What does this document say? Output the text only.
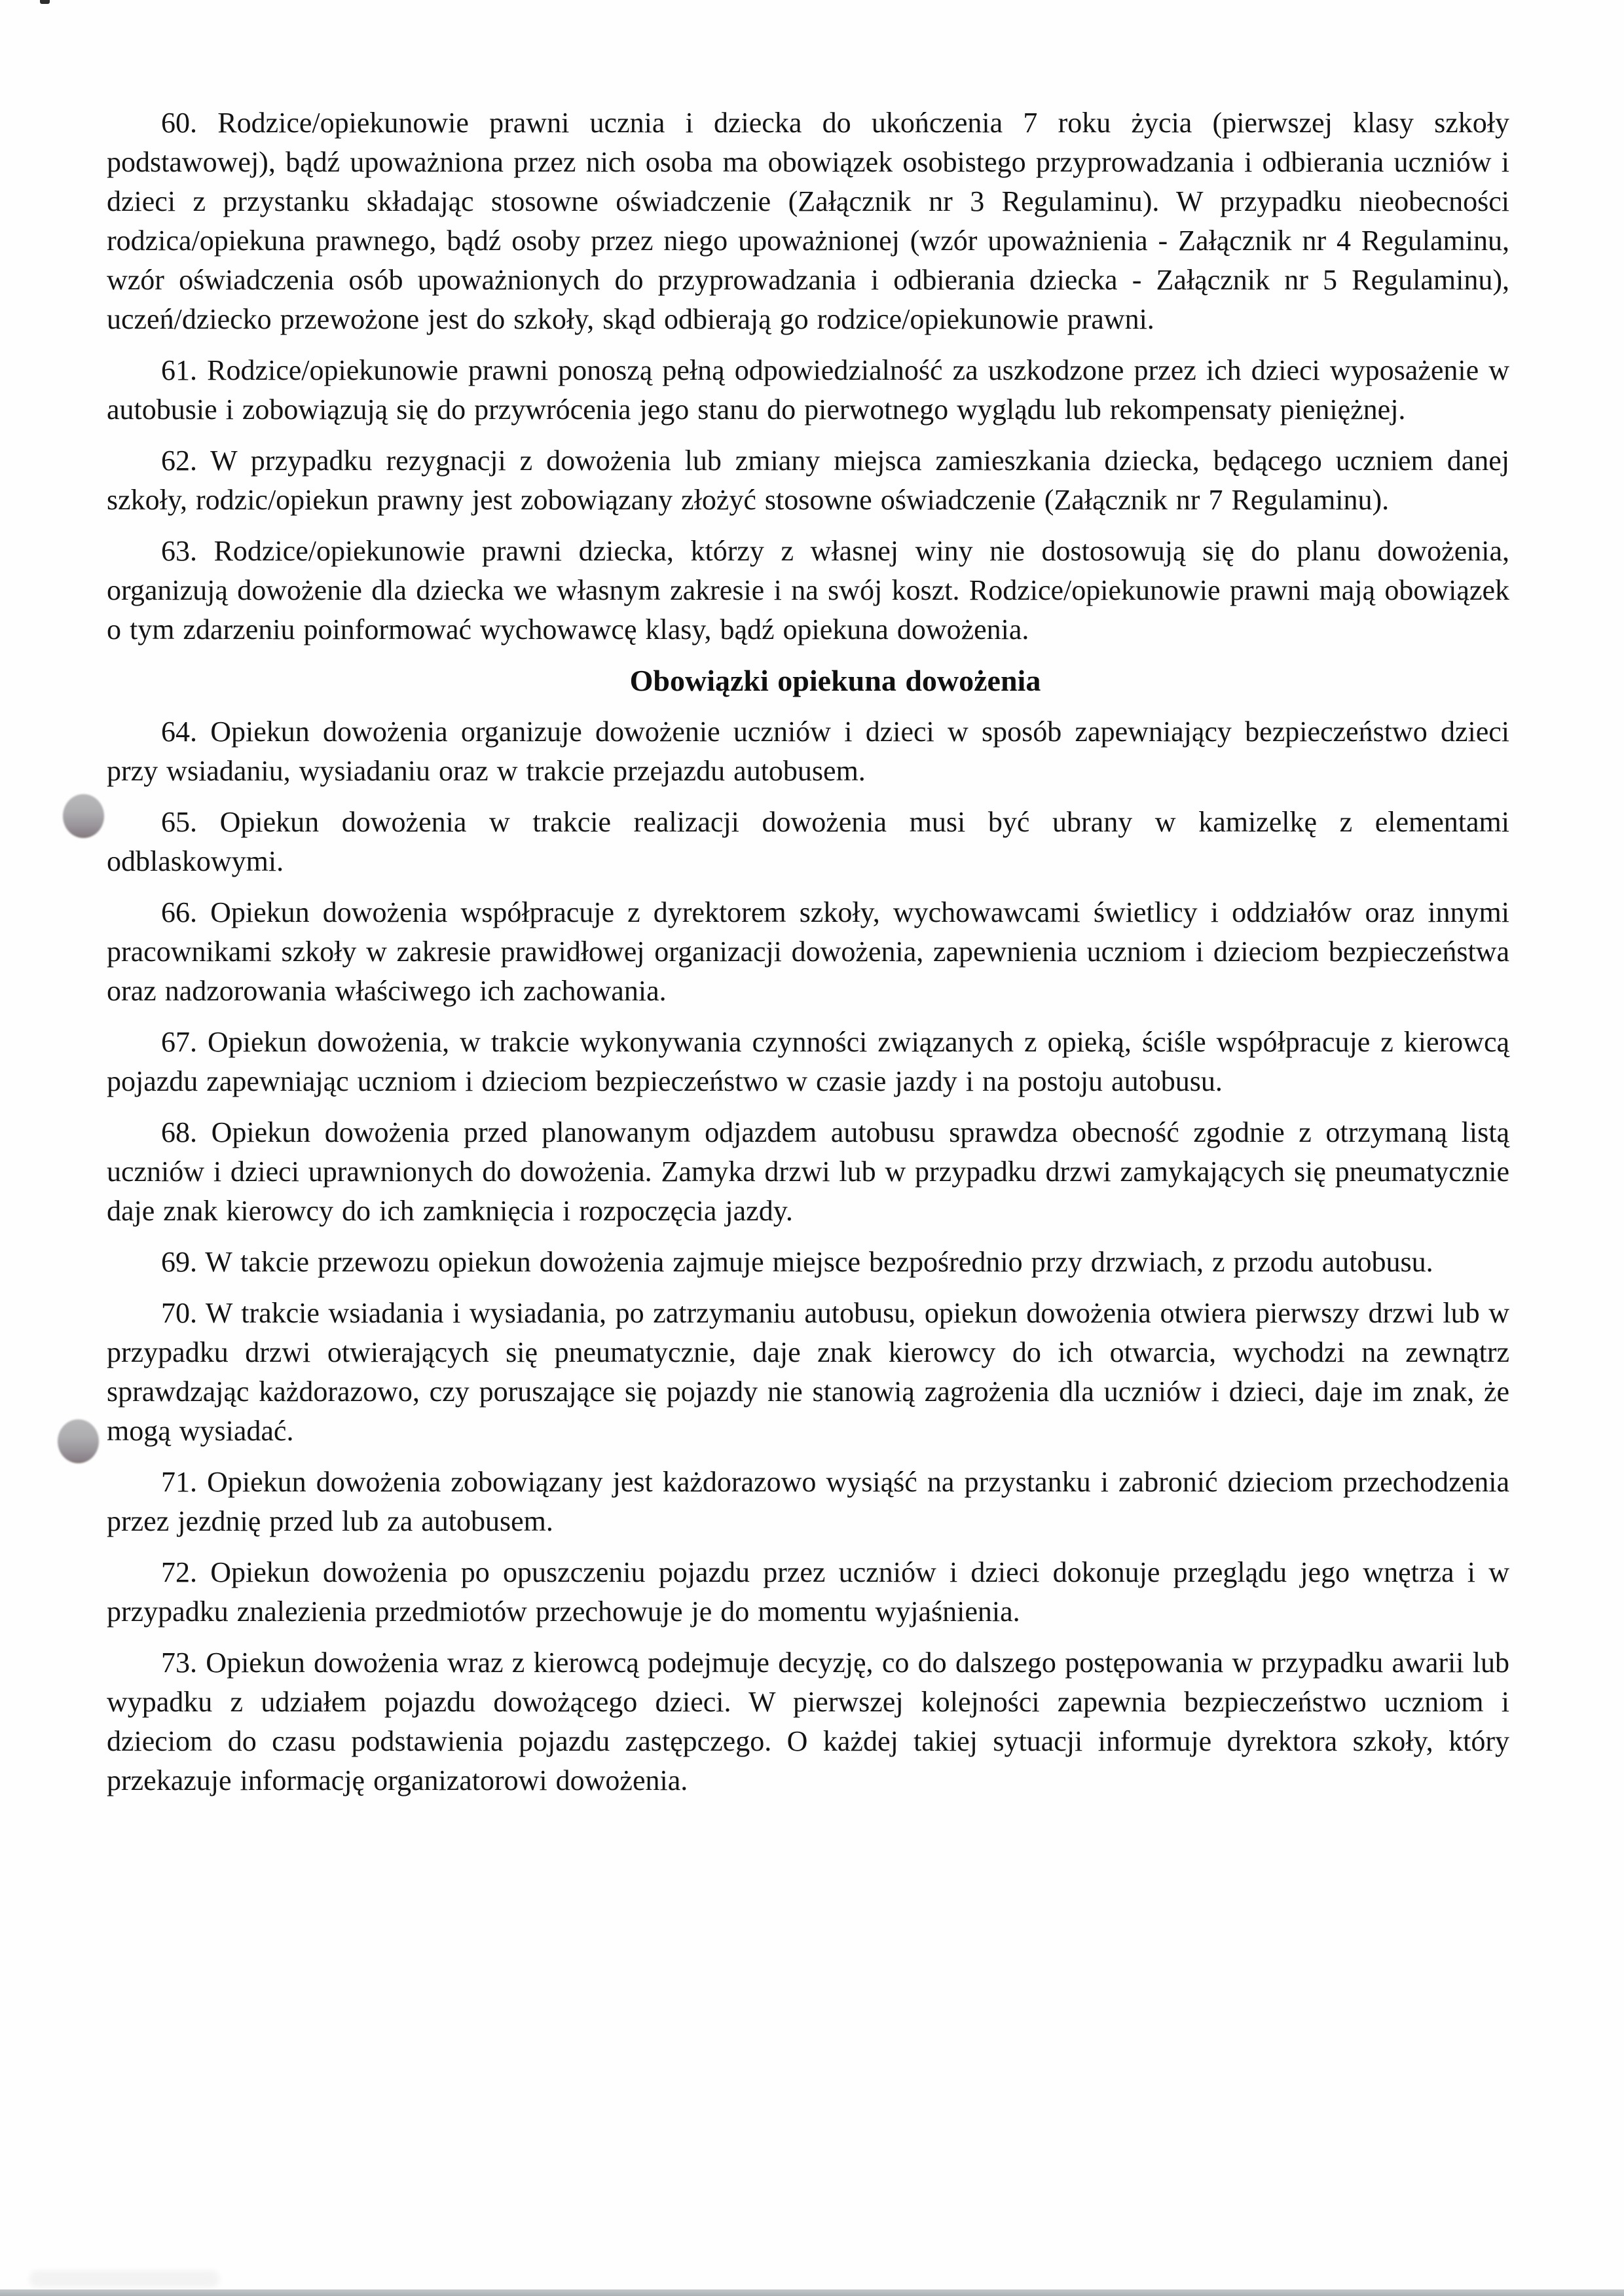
60. Rodzice/opiekunowie prawni ucznia i dziecka do ukończenia 7 roku życia (pierwszej klasy szkoły podstawowej), bądź upoważniona przez nich osoba ma obowiązek osobistego przyprowadzania i odbierania uczniów i dzieci z przystanku składając stosowne oświadczenie (Załącznik nr 3 Regulaminu). W przypadku nieobecności rodzica/opiekuna prawnego, bądź osoby przez niego upoważnionej (wzór upoważnienia - Załącznik nr 4 Regulaminu, wzór oświadczenia osób upoważnionych do przyprowadzania i odbierania dziecka - Załącznik nr 5 Regulaminu), uczeń/dziecko przewożone jest do szkoły, skąd odbierają go rodzice/opiekunowie prawni.

61. Rodzice/opiekunowie prawni ponoszą pełną odpowiedzialność za uszkodzone przez ich dzieci wyposażenie w autobusie i zobowiązują się do przywrócenia jego stanu do pierwotnego wyglądu lub rekompensaty pieniężnej.

62. W przypadku rezygnacji z dowożenia lub zmiany miejsca zamieszkania dziecka, będącego uczniem danej szkoły, rodzic/opiekun prawny jest zobowiązany złożyć stosowne oświadczenie (Załącznik nr 7 Regulaminu).

63. Rodzice/opiekunowie prawni dziecka, którzy z własnej winy nie dostosowują się do planu dowożenia, organizują dowożenie dla dziecka we własnym zakresie i na swój koszt. Rodzice/opiekunowie prawni mają obowiązek o tym zdarzeniu poinformować wychowawcę klasy, bądź opiekuna dowożenia.

Obowiązki opiekuna dowożenia

64. Opiekun dowożenia organizuje dowożenie uczniów i dzieci w sposób zapewniający bezpieczeństwo dzieci przy wsiadaniu, wysiadaniu oraz w trakcie przejazdu autobusem.

65. Opiekun dowożenia w trakcie realizacji dowożenia musi być ubrany w kamizelkę z elementami odblaskowymi.

66. Opiekun dowożenia współpracuje z dyrektorem szkoły, wychowawcami świetlicy i oddziałów oraz innymi pracownikami szkoły w zakresie prawidłowej organizacji dowożenia, zapewnienia uczniom i dzieciom bezpieczeństwa oraz nadzorowania właściwego ich zachowania.

67. Opiekun dowożenia, w trakcie wykonywania czynności związanych z opieką, ściśle współpracuje z kierowcą pojazdu zapewniając uczniom i dzieciom bezpieczeństwo w czasie jazdy i na postoju autobusu.

68. Opiekun dowożenia przed planowanym odjazdem autobusu sprawdza obecność zgodnie z otrzymaną listą uczniów i dzieci uprawnionych do dowożenia. Zamyka drzwi lub w przypadku drzwi zamykających się pneumatycznie daje znak kierowcy do ich zamknięcia i rozpoczęcia jazdy.

69. W takcie przewozu opiekun dowożenia zajmuje miejsce bezpośrednio przy drzwiach, z przodu autobusu.

70. W trakcie wsiadania i wysiadania, po zatrzymaniu autobusu, opiekun dowożenia otwiera pierwszy drzwi lub w przypadku drzwi otwierających się pneumatycznie, daje znak kierowcy do ich otwarcia, wychodzi na zewnątrz sprawdzając każdorazowo, czy poruszające się pojazdy nie stanowią zagrożenia dla uczniów i dzieci, daje im znak, że mogą wysiadać.

71. Opiekun dowożenia zobowiązany jest każdorazowo wysiąść na przystanku i zabronić dzieciom przechodzenia przez jezdnię przed lub za autobusem.

72. Opiekun dowożenia po opuszczeniu pojazdu przez uczniów i dzieci dokonuje przeglądu jego wnętrza i w przypadku znalezienia przedmiotów przechowuje je do momentu wyjaśnienia.

73. Opiekun dowożenia wraz z kierowcą podejmuje decyzję, co do dalszego postępowania w przypadku awarii lub wypadku z udziałem pojazdu dowożącego dzieci. W pierwszej kolejności zapewnia bezpieczeństwo uczniom i dzieciom do czasu podstawienia pojazdu zastępczego. O każdej takiej sytuacji informuje dyrektora szkoły, który przekazuje informację organizatorowi dowożenia.
